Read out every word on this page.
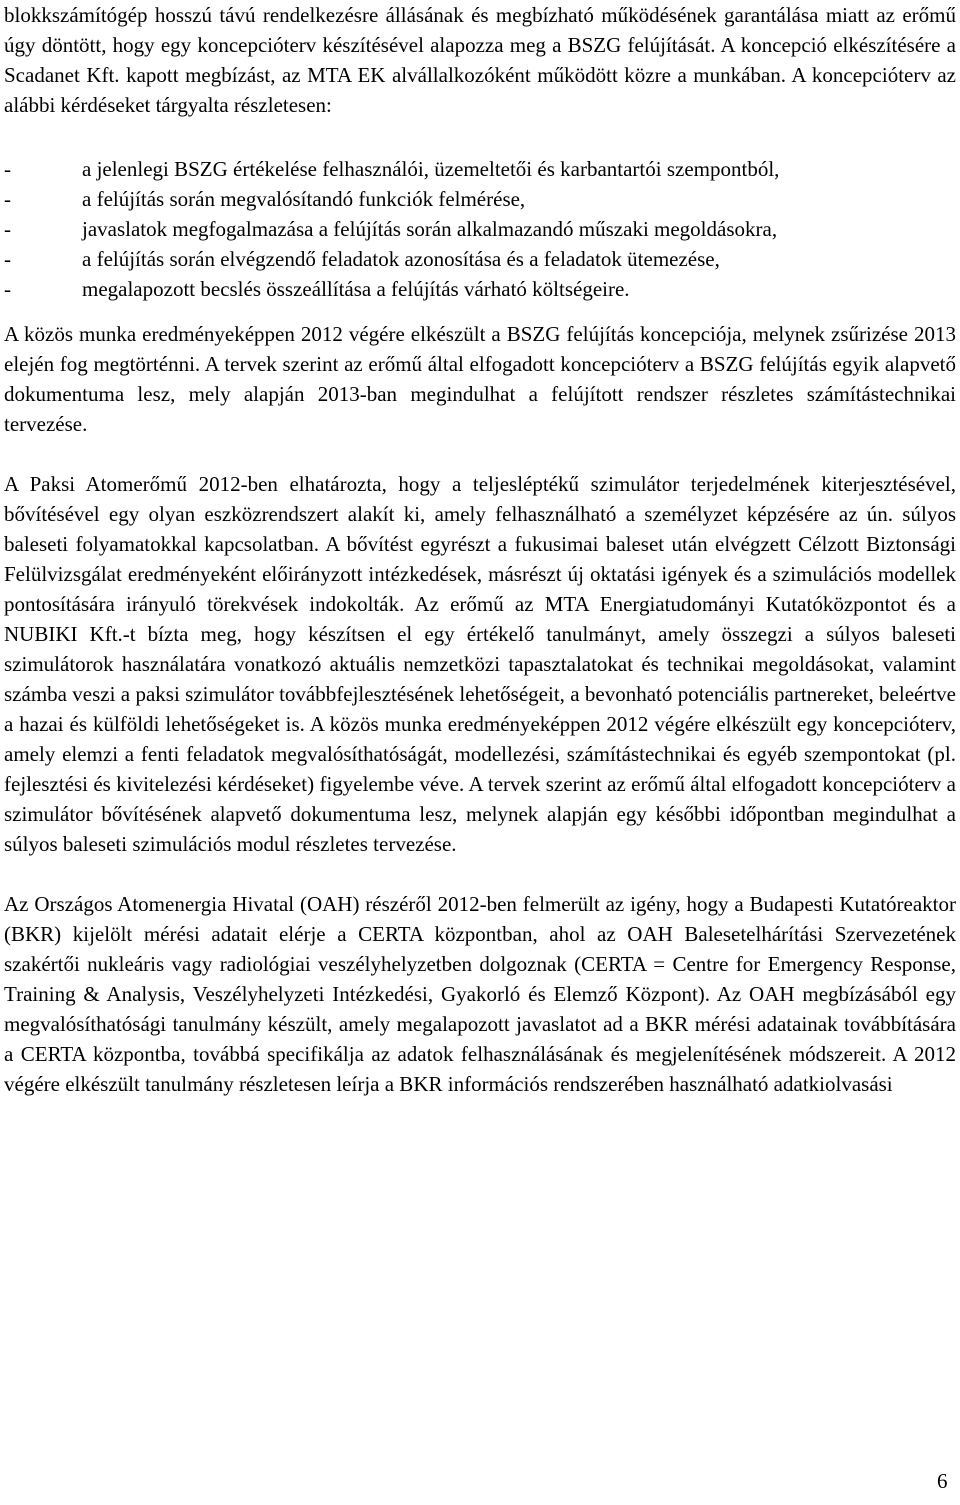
blokkszámítógép hosszú távú rendelkezésre állásának és megbízható működésének garantálása miatt az erőmű úgy döntött, hogy egy koncepcióterv készítésével alapozza meg a BSZG felújítását. A koncepció elkészítésére a Scadanet Kft. kapott megbízást, az MTA EK alvállalkozóként működött közre a munkában. A koncepcióterv az alábbi kérdéseket tárgyalta részletesen:

-	a jelenlegi BSZG értékelése felhasználói, üzemeltetői és karbantartói szempontból,
-	a felújítás során megvalósítandó funkciók felmérése,
-	javaslatok megfogalmazása a felújítás során alkalmazandó műszaki megoldásokra,
-	a felújítás során elvégzendő feladatok azonosítása és a feladatok ütemezése,
-	megalapozott becslés összeállítása a felújítás várható költségeire.

A közös munka eredményeképpen 2012 végére elkészült a BSZG felújítás koncepciója, melynek zsűrizése 2013 elején fog megtörténni. A tervek szerint az erőmű által elfogadott koncepcióterv a BSZG felújítás egyik alapvető dokumentuma lesz, mely alapján 2013-ban megindulhat a felújított rendszer részletes számítástechnikai tervezése.

A Paksi Atomerőmű 2012-ben elhatározta, hogy a teljesléptékű szimulátor terjedelmének kiterjesztésével, bővítésével egy olyan eszközrendszert alakít ki, amely felhasználható a személyzet képzésére az ún. súlyos baleseti folyamatokkal kapcsolatban. A bővítést egyrészt a fukusimai baleset után elvégzett Célzott Biztonsági Felülvizsgálat eredményeként előirányzott intézkedések, másrészt új oktatási igények és a szimulációs modellek pontosítására irányuló törekvések indokolták. Az erőmű az MTA Energiatudományi Kutatóközpontot és a NUBIKI Kft.-t bízta meg, hogy készítsen el egy értékelő tanulmányt, amely összegzi a súlyos baleseti szimulátorok használatára vonatkozó aktuális nemzetközi tapasztalatokat és technikai megoldásokat, valamint számba veszi a paksi szimulátor továbbfejlesztésének lehetőségeit, a bevonható potenciális partnereket, beleértve a hazai és külföldi lehetőségeket is. A közös munka eredményeképpen 2012 végére elkészült egy koncepcióterv, amely elemzi a fenti feladatok megvalósíthatóságát, modellezési, számítástechnikai és egyéb szempontokat (pl. fejlesztési és kivitelezési kérdéseket) figyelembe véve. A tervek szerint az erőmű által elfogadott koncepcióterv a szimulátor bővítésének alapvető dokumentuma lesz, melynek alapján egy későbbi időpontban megindulhat a súlyos baleseti szimulációs modul részletes tervezése.

Az Országos Atomenergia Hivatal (OAH) részéről 2012-ben felmerült az igény, hogy a Budapesti Kutatóreaktor (BKR) kijelölt mérési adatait elérje a CERTA központban, ahol az OAH Balesetelhárítási Szervezetének szakértői nukleáris vagy radiológiai veszélyhelyzetben dolgoznak (CERTA = Centre for Emergency Response, Training & Analysis, Veszélyhelyzeti Intézkedési, Gyakorló és Elemző Központ). Az OAH megbízásából egy megvalósíthatósági tanulmány készült, amely megalapozott javaslatot ad a BKR mérési adatainak továbbítására a CERTA központba, továbbá specifikálja az adatok felhasználásának és megjelenítésének módszereit. A 2012 végére elkészült tanulmány részletesen leírja a BKR információs rendszerében használható adatkiolvasási

6
